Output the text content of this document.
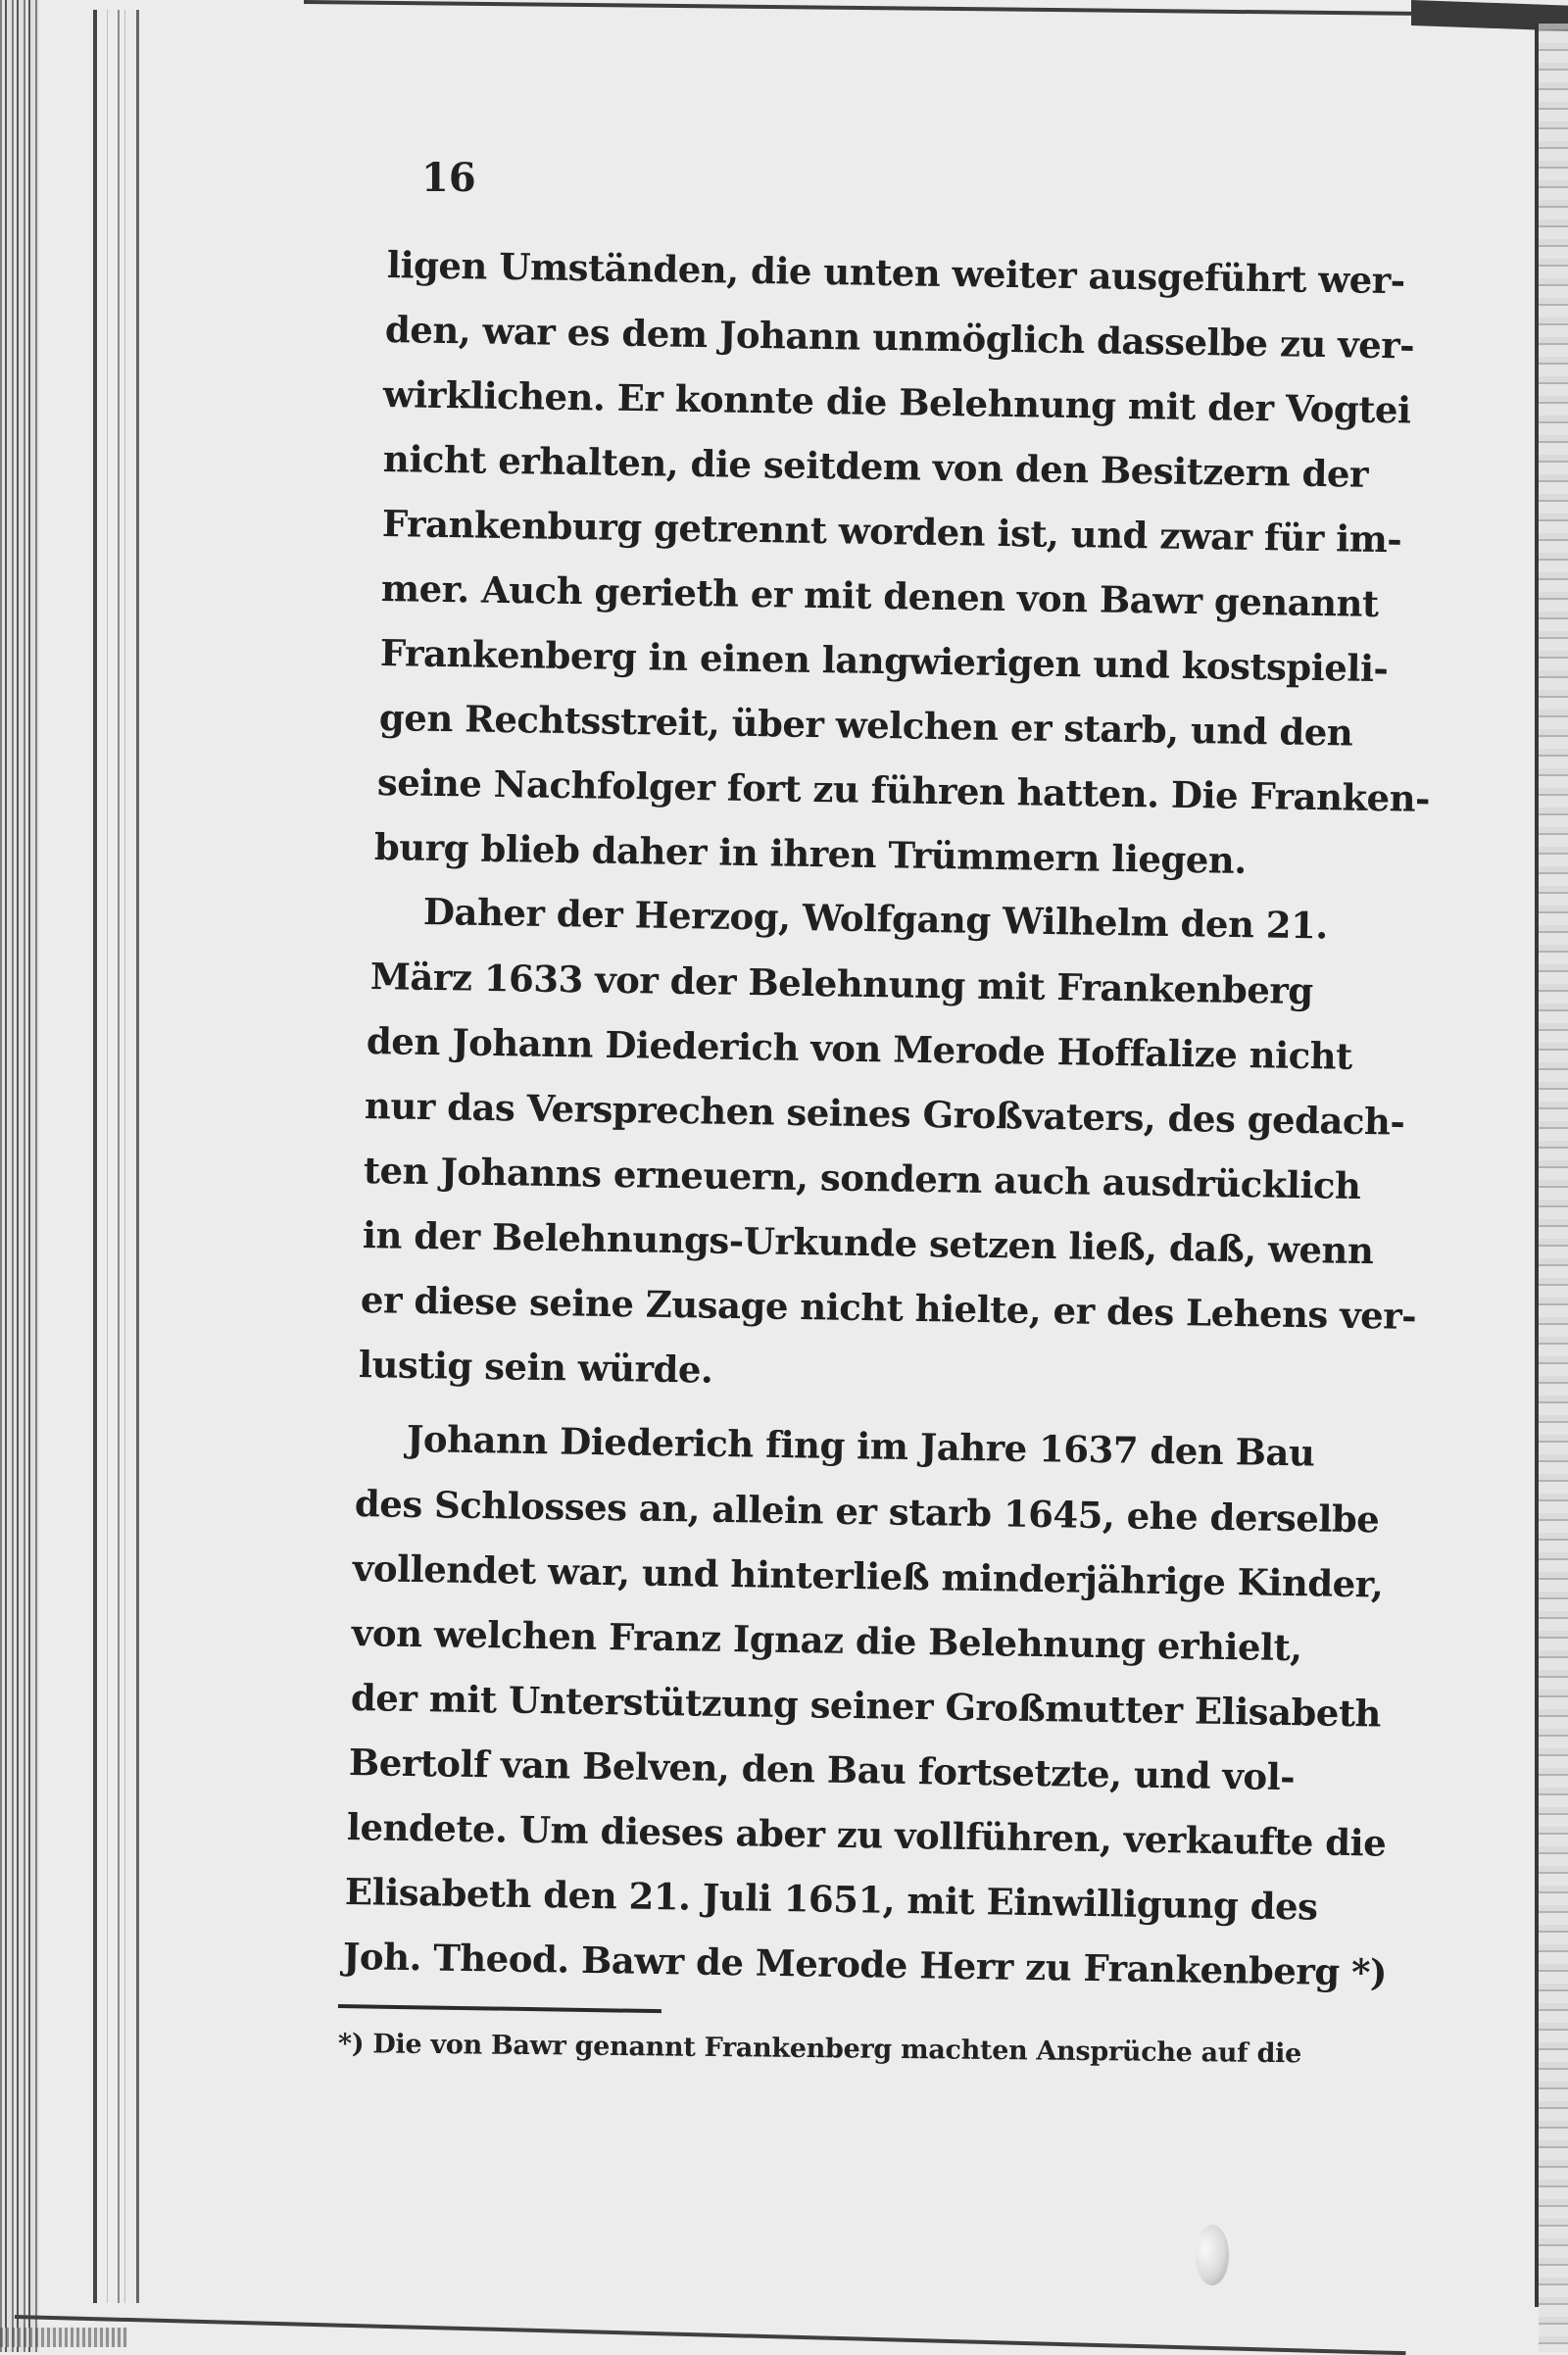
16
ligen Umständen, die unten weiter ausgeführt wer-
den, war es dem Johann unmöglich dasselbe zu ver-
wirklichen. Er konnte die Belehnung mit der Vogtei
nicht erhalten, die seitdem von den Besitzern der
Frankenburg getrennt worden ist, und zwar für im-
mer. Auch gerieth er mit denen von Bawr genannt
Frankenberg in einen langwierigen und kostspieli-
gen Rechtsstreit, über welchen er starb, und den
seine Nachfolger fort zu führen hatten. Die Franken-
burg blieb daher in ihren Trümmern liegen.
Daher der Herzog, Wolfgang Wilhelm den 21.
März 1633 vor der Belehnung mit Frankenberg
den Johann Diederich von Merode Hoffalize nicht
nur das Versprechen seines Großvaters, des gedach-
ten Johanns erneuern, sondern auch ausdrücklich
in der Belehnungs-Urkunde setzen ließ, daß, wenn
er diese seine Zusage nicht hielte, er des Lehens ver-
lustig sein würde.
Johann Diederich fing im Jahre 1637 den Bau
des Schlosses an, allein er starb 1645, ehe derselbe
vollendet war, und hinterließ minderjährige Kinder,
von welchen Franz Ignaz die Belehnung erhielt,
der mit Unterstützung seiner Großmutter Elisabeth
Bertolf van Belven, den Bau fortsetzte, und vol-
lendete. Um dieses aber zu vollführen, verkaufte die
Elisabeth den 21. Juli 1651, mit Einwilligung des
Joh. Theod. Bawr de Merode Herr zu Frankenberg *)
*) Die von Bawr genannt Frankenberg machten Ansprüche auf die
